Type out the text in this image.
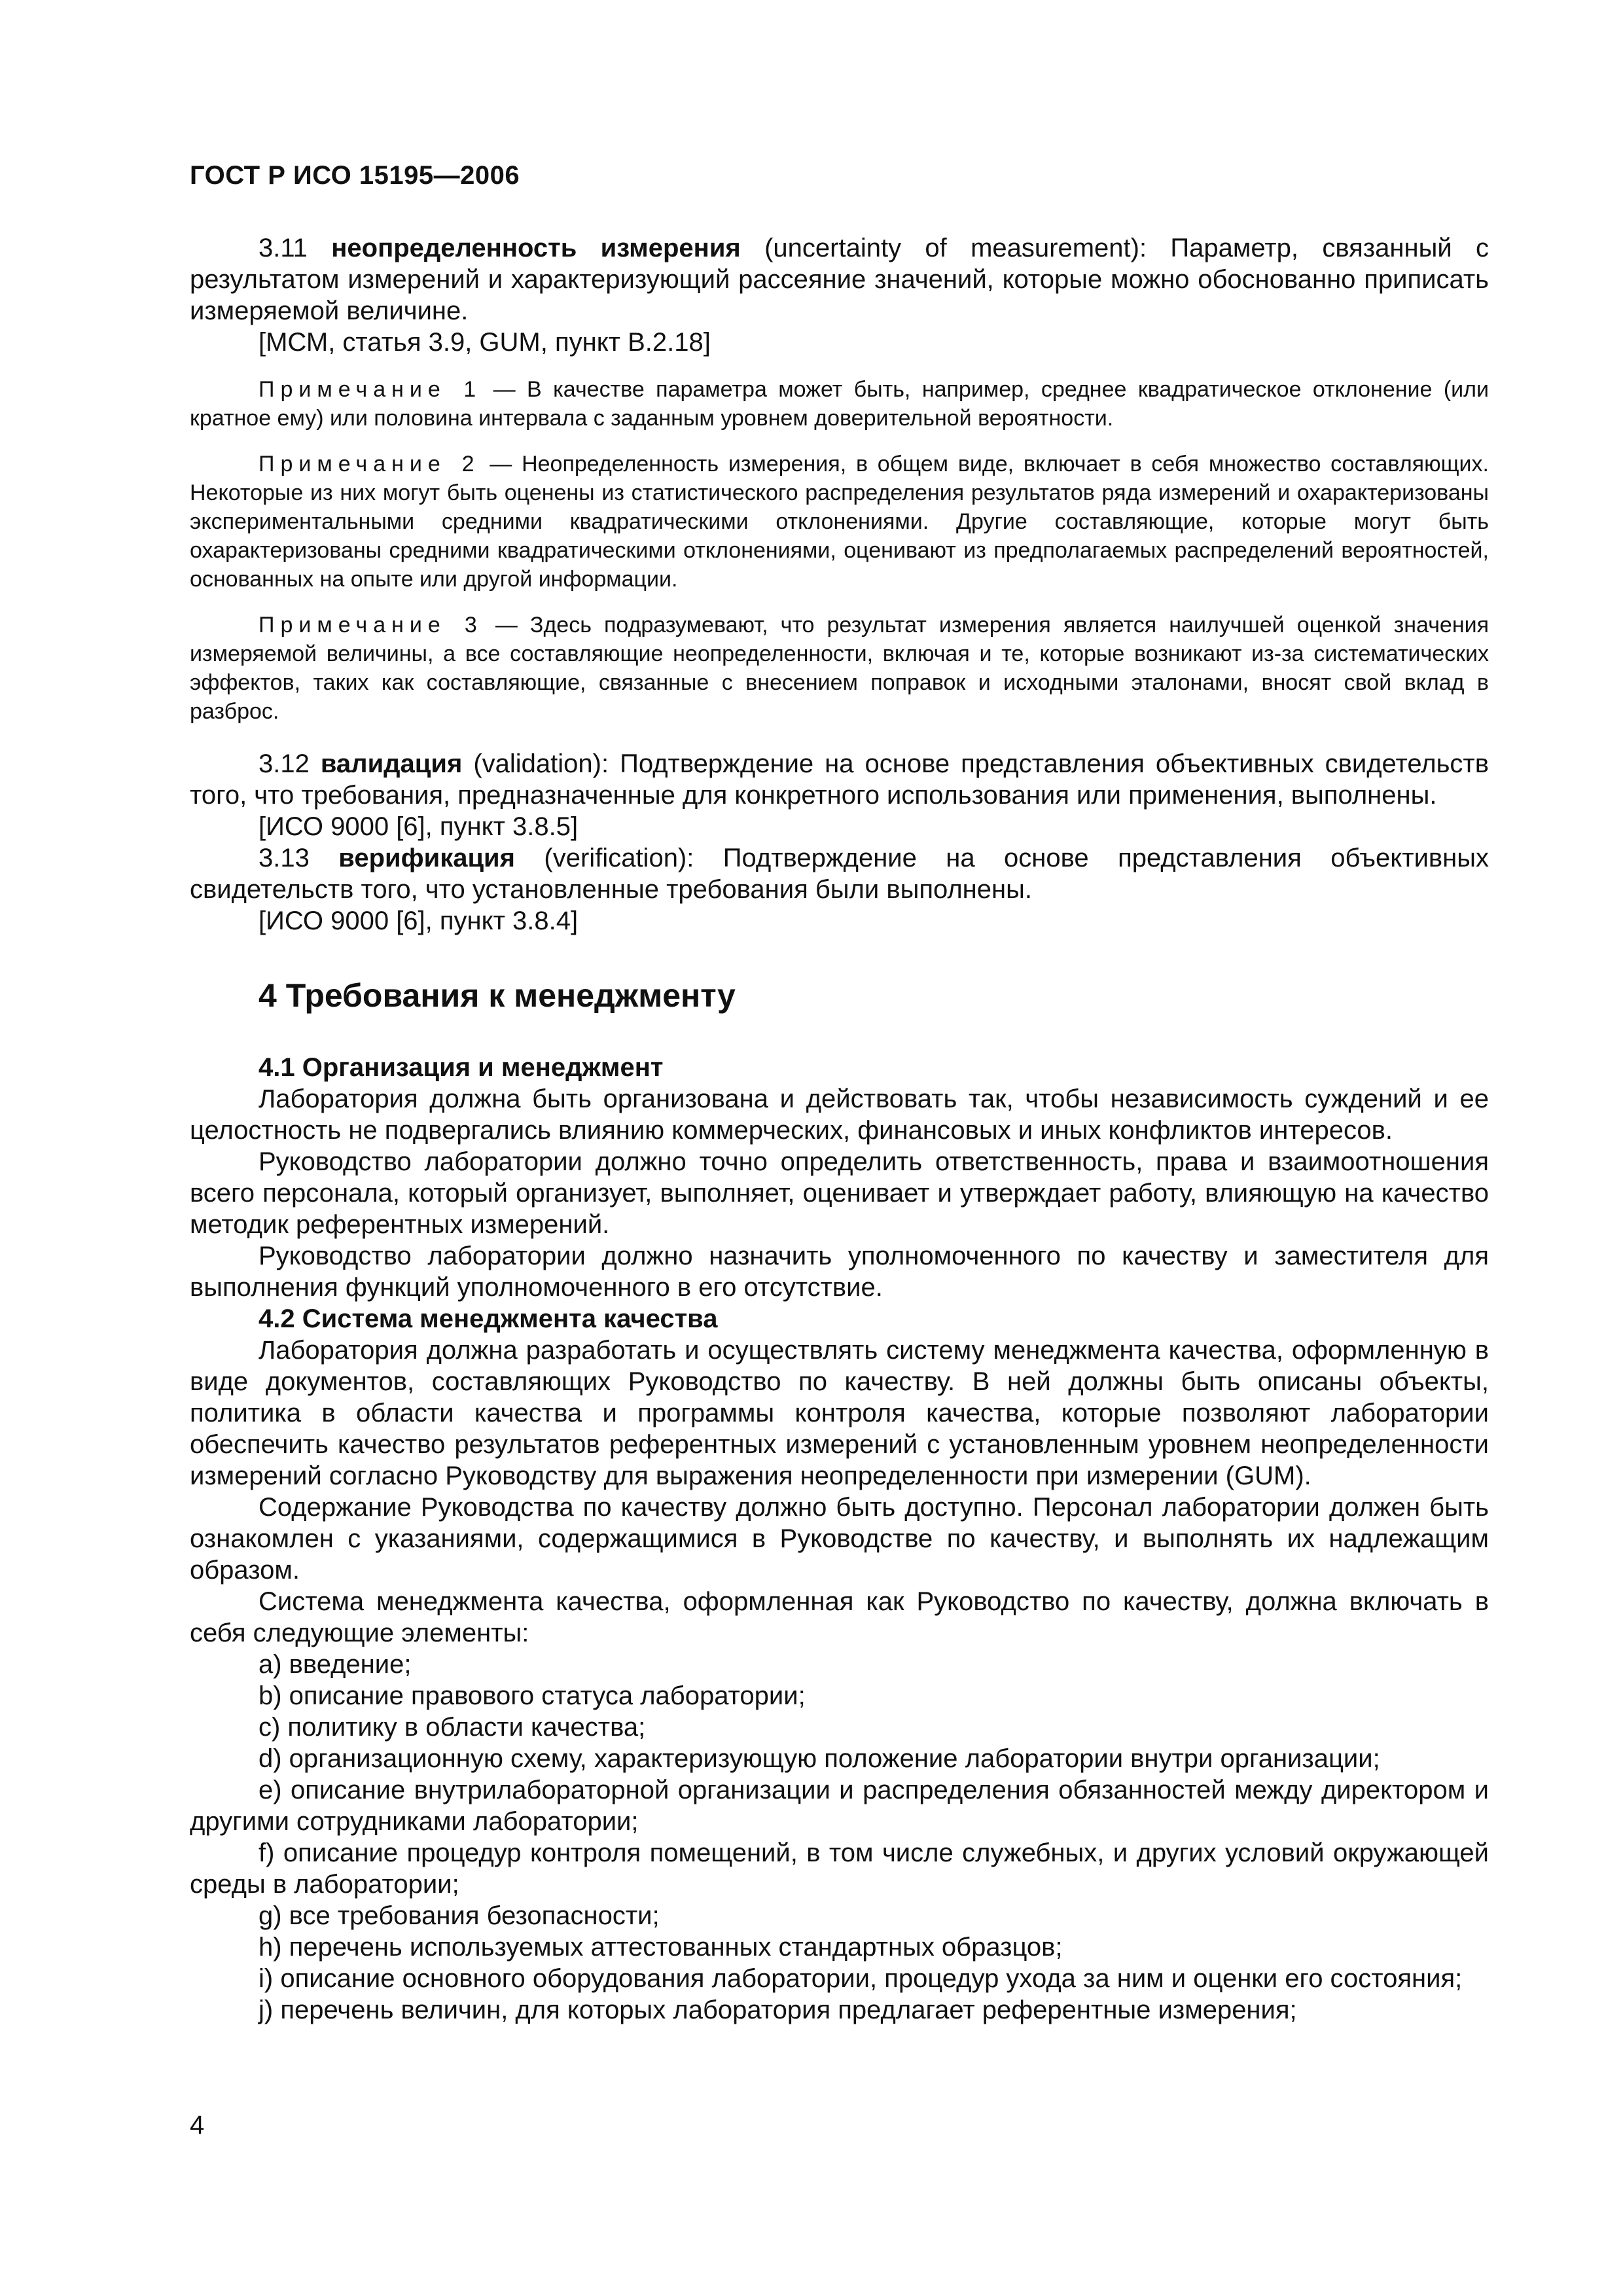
ГОСТ Р ИСО 15195—2006

3.11 неопределенность измерения (uncertainty of measurement): Параметр, связанный с результатом измерений и характеризующий рассеяние значений, которые можно обоснованно приписать измеряемой величине.

[МСМ, статья 3.9, GUM, пункт В.2.18]

Примечание 1 — В качестве параметра может быть, например, среднее квадратическое отклонение (или кратное ему) или половина интервала с заданным уровнем доверительной вероятности.

Примечание 2 — Неопределенность измерения, в общем виде, включает в себя множество составляющих. Некоторые из них могут быть оценены из статистического распределения результатов ряда измерений и охарактеризованы экспериментальными средними квадратическими отклонениями. Другие составляющие, которые могут быть охарактеризованы средними квадратическими отклонениями, оценивают из предполагаемых распределений вероятностей, основанных на опыте или другой информации.

Примечание 3 — Здесь подразумевают, что результат измерения является наилучшей оценкой значения измеряемой величины, а все составляющие неопределенности, включая и те, которые возникают из-за систематических эффектов, таких как составляющие, связанные с внесением поправок и исходными эталонами, вносят свой вклад в разброс.

3.12 валидация (validation): Подтверждение на основе представления объективных свидетельств того, что требования, предназначенные для конкретного использования или применения, выполнены.

[ИСО 9000 [6], пункт 3.8.5]

3.13 верификация (verification): Подтверждение на основе представления объективных свидетельств того, что установленные требования были выполнены.

[ИСО 9000 [6], пункт 3.8.4]

4 Требования к менеджменту
4.1 Организация и менеджмент

Лаборатория должна быть организована и действовать так, чтобы независимость суждений и ее целостность не подвергались влиянию коммерческих, финансовых и иных конфликтов интересов.

Руководство лаборатории должно точно определить ответственность, права и взаимоотношения всего персонала, который организует, выполняет, оценивает и утверждает работу, влияющую на качество методик референтных измерений.

Руководство лаборатории должно назначить уполномоченного по качеству и заместителя для выполнения функций уполномоченного в его отсутствие.

4.2 Система менеджмента качества

Лаборатория должна разработать и осуществлять систему менеджмента качества, оформленную в виде документов, составляющих Руководство по качеству. В ней должны быть описаны объекты, политика в области качества и программы контроля качества, которые позволяют лаборатории обеспечить качество результатов референтных измерений с установленным уровнем неопределенности измерений согласно Руководству для выражения неопределенности при измерении (GUM).

Содержание Руководства по качеству должно быть доступно. Персонал лаборатории должен быть ознакомлен с указаниями, содержащимися в Руководстве по качеству, и выполнять их надлежащим образом.

Система менеджмента качества, оформленная как Руководство по качеству, должна включать в себя следующие элементы:

a) введение;

b) описание правового статуса лаборатории;

c) политику в области качества;

d) организационную схему, характеризующую положение лаборатории внутри организации;

e) описание внутрилабораторной организации и распределения обязанностей между директором и другими сотрудниками лаборатории;

f) описание процедур контроля помещений, в том числе служебных, и других условий окружающей среды в лаборатории;

g) все требования безопасности;

h) перечень используемых аттестованных стандартных образцов;

i) описание основного оборудования лаборатории, процедур ухода за ним и оценки его состояния;

j) перечень величин, для которых лаборатория предлагает референтные измерения;

4
